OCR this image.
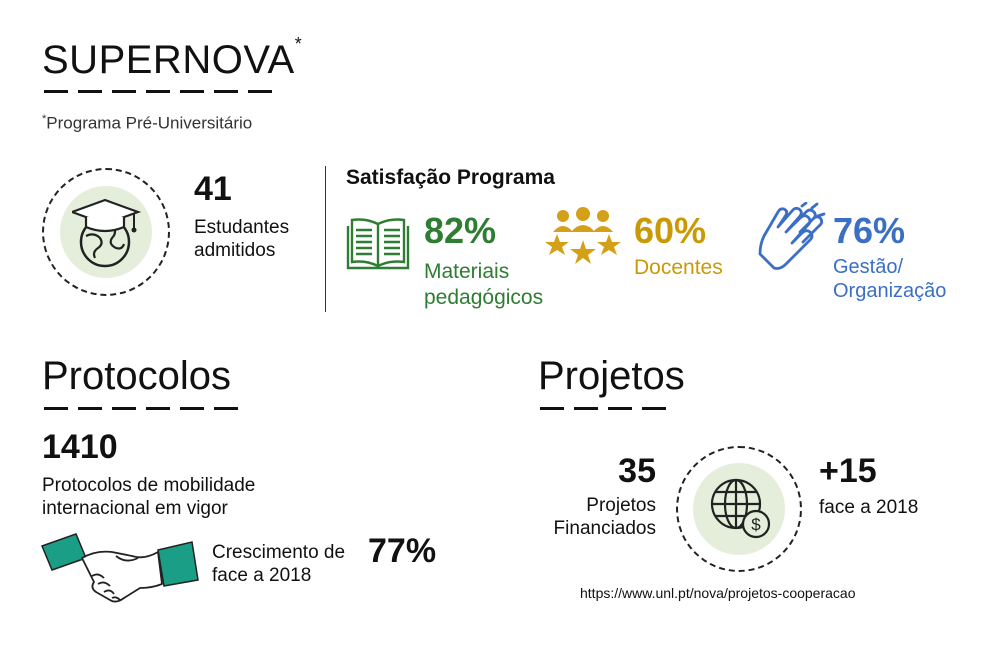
SUPERNOVA*
*Programa Pré-Universitário
41
Estudantes
admitidos
Satisfação Programa
82%
Materiais
pedagógicos
60%
Docentes
76%
Gestão/
Organização
Protocolos
1410
Protocolos de mobilidade
internacional em vigor
Crescimento de
face a 2018
77%
Projetos
35
Projetos
Financiados	$
+15
face a 2018
https://www.unl.pt/nova/projetos-cooperacao
